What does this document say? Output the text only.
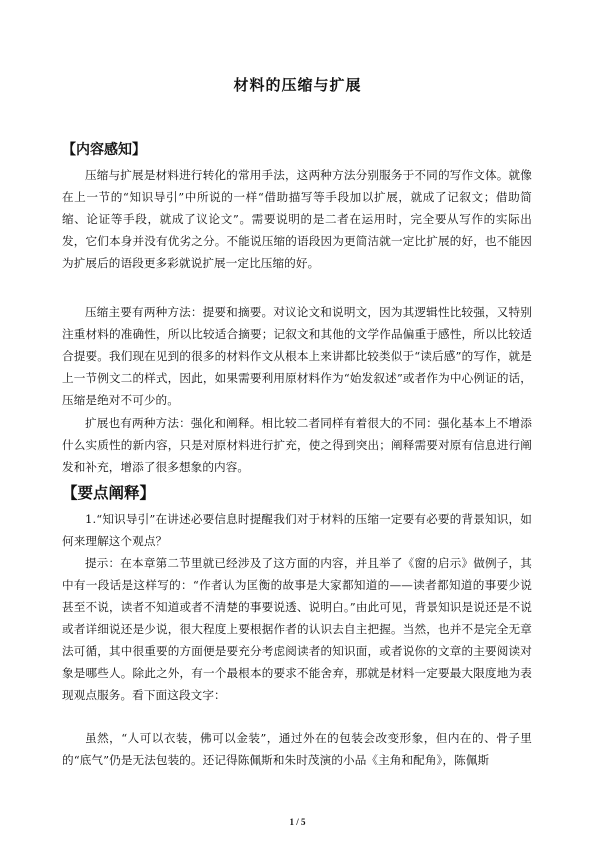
材料的压缩与扩展
【内容感知】

压缩与扩展是材料进行转化的常用手法，这两种方法分别服务于不同的写作文体。就像在上一节的“知识导引”中所说的一样“借助描写等手段加以扩展，就成了记叙文；借助简缩、论证等手段，就成了议论文”。需要说明的是二者在运用时，完全要从写作的实际出发，它们本身并没有优劣之分。不能说压缩的语段因为更简洁就一定比扩展的好，也不能因为扩展后的语段更多彩就说扩展一定比压缩的好。

压缩主要有两种方法：提要和摘要。对议论文和说明文，因为其逻辑性比较强，又特别注重材料的准确性，所以比较适合摘要；记叙文和其他的文学作品偏重于感性，所以比较适合提要。我们现在见到的很多的材料作文从根本上来讲都比较类似于“读后感”的写作，就是上一节例文二的样式，因此，如果需要利用原材料作为“始发叙述”或者作为中心例证的话，压缩是绝对不可少的。

扩展也有两种方法：强化和阐释。相比较二者同样有着很大的不同：强化基本上不增添什么实质性的新内容，只是对原材料进行扩充，使之得到突出；阐释需要对原有信息进行阐发和补充，增添了很多想象的内容。

【要点阐释】

1.“知识导引”在讲述必要信息时提醒我们对于材料的压缩一定要有必要的背景知识，如何来理解这个观点？

提示：在本章第二节里就已经涉及了这方面的内容，并且举了《窗的启示》做例子，其中有一段话是这样写的：“作者认为匡衡的故事是大家都知道的——读者都知道的事要少说甚至不说，读者不知道或者不清楚的事要说透、说明白。”由此可见，背景知识是说还是不说或者详细说还是少说，很大程度上要根据作者的认识去自主把握。当然，也并不是完全无章法可循，其中很重要的方面便是要充分考虑阅读者的知识面，或者说你的文章的主要阅读对象是哪些人。除此之外，有一个最根本的要求不能舍弃，那就是材料一定要最大限度地为表现观点服务。看下面这段文字：

虽然，“人可以衣装，佛可以金装”，通过外在的包装会改变形象，但内在的、骨子里的“底气”仍是无法包装的。还记得陈佩斯和朱时茂演的小品《主角和配角》，陈佩斯

1 / 5
